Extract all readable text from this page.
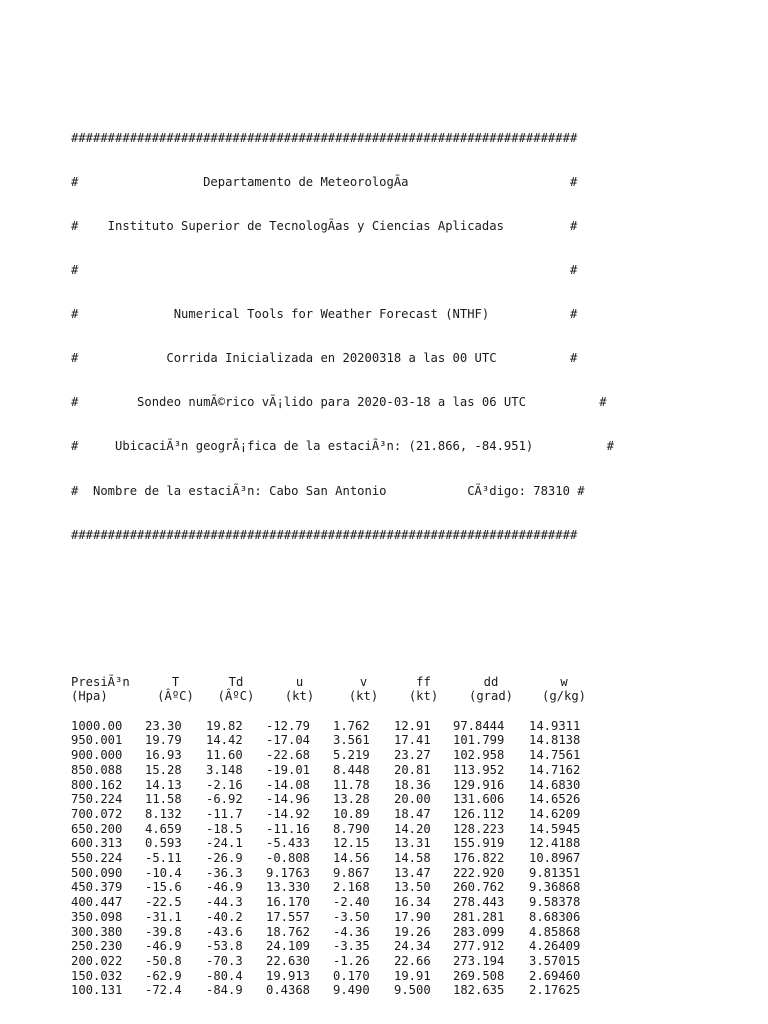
#####################################################################

#                 Departamento de MeteorologÃa                      #

#    Instituto Superior de TecnologÃas y Ciencias Aplicadas         #

#                                                                   #

#             Numerical Tools for Weather Forecast (NTHF)           #

#            Corrida Inicializada en 20200318 a las 00 UTC          #

#        Sondeo numÃ©rico vÃ¡lido para 2020-03-18 a las 06 UTC          #

#     UbicaciÃ³n geogrÃ¡fica de la estaciÃ³n: (21.866, -84.951)          #

#  Nombre de la estaciÃ³n: Cabo San Antonio           CÃ³digo: 78310 #

#####################################################################

PresiÃ³n	T	Td	u	v	ff	dd	w
(Hpa)	(ÂºC)	(ÂºC)	(kt)	(kt)	(kt)	(grad)	(g/kg)

1000.00	23.30	19.82	-12.79	1.762	12.91	97.8444	14.9311
950.001	19.79	14.42	-17.04	3.561	17.41	101.799	14.8138
900.000	16.93	11.60	-22.68	5.219	23.27	102.958	14.7561
850.088	15.28	3.148	-19.01	8.448	20.81	113.952	14.7162
800.162	14.13	-2.16	-14.08	11.78	18.36	129.916	14.6830
750.224	11.58	-6.92	-14.96	13.28	20.00	131.606	14.6526
700.072	8.132	-11.7	-14.92	10.89	18.47	126.112	14.6209
650.200	4.659	-18.5	-11.16	8.790	14.20	128.223	14.5945
600.313	0.593	-24.1	-5.433	12.15	13.31	155.919	12.4188
550.224	-5.11	-26.9	-0.808	14.56	14.58	176.822	10.8967
500.090	-10.4	-36.3	9.1763	9.867	13.47	222.920	9.81351
450.379	-15.6	-46.9	13.330	2.168	13.50	260.762	9.36868
400.447	-22.5	-44.3	16.170	-2.40	16.34	278.443	9.58378
350.098	-31.1	-40.2	17.557	-3.50	17.90	281.281	8.68306
300.380	-39.8	-43.6	18.762	-4.36	19.26	283.099	4.85868
250.230	-46.9	-53.8	24.109	-3.35	24.34	277.912	4.26409
200.022	-50.8	-70.3	22.630	-1.26	22.66	273.194	3.57015
150.032	-62.9	-80.4	19.913	0.170	19.91	269.508	2.69460
100.131	-72.4	-84.9	0.4368	9.490	9.500	182.635	2.17625
